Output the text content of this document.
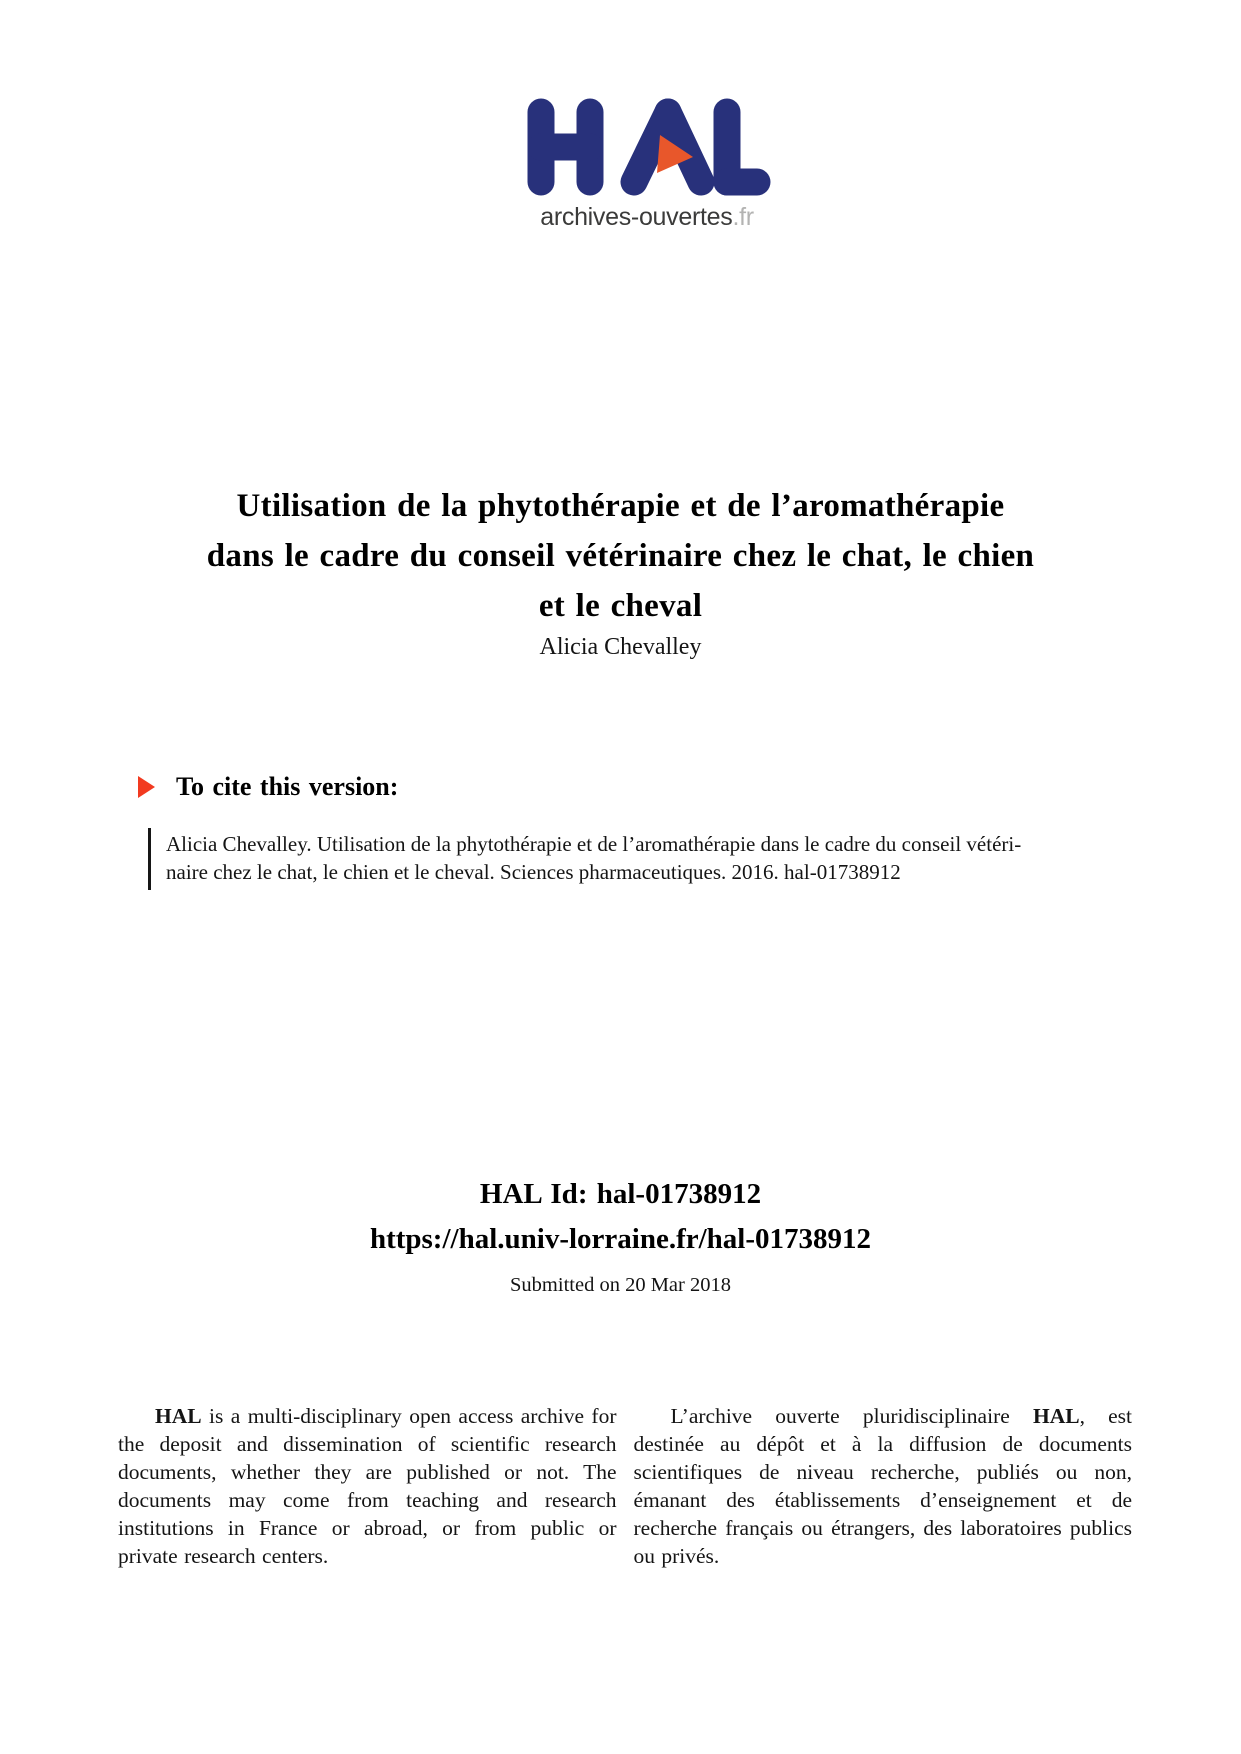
archives-ouvertes.fr
Utilisation de la phytothérapie et de l’aromathérapie
dans le cadre du conseil vétérinaire chez le chat, le chien
et le cheval
Alicia Chevalley
To cite this version:
Alicia Chevalley. Utilisation de la phytothérapie et de l’aromathérapie dans le cadre du conseil vétéri-
naire chez le chat, le chien et le cheval. Sciences pharmaceutiques. 2016. hal-01738912
HAL Id: hal-01738912
https://hal.univ-lorraine.fr/hal-01738912
Submitted on 20 Mar 2018

HAL is a multi-disciplinary open access archive for the deposit and dissemination of scientific research documents, whether they are published or not. The documents may come from teaching and research institutions in France or abroad, or from public or private research centers.

L’archive ouverte pluridisciplinaire HAL, est destinée au dépôt et à la diffusion de documents scientifiques de niveau recherche, publiés ou non, émanant des établissements d’enseignement et de recherche français ou étrangers, des laboratoires publics ou privés.
